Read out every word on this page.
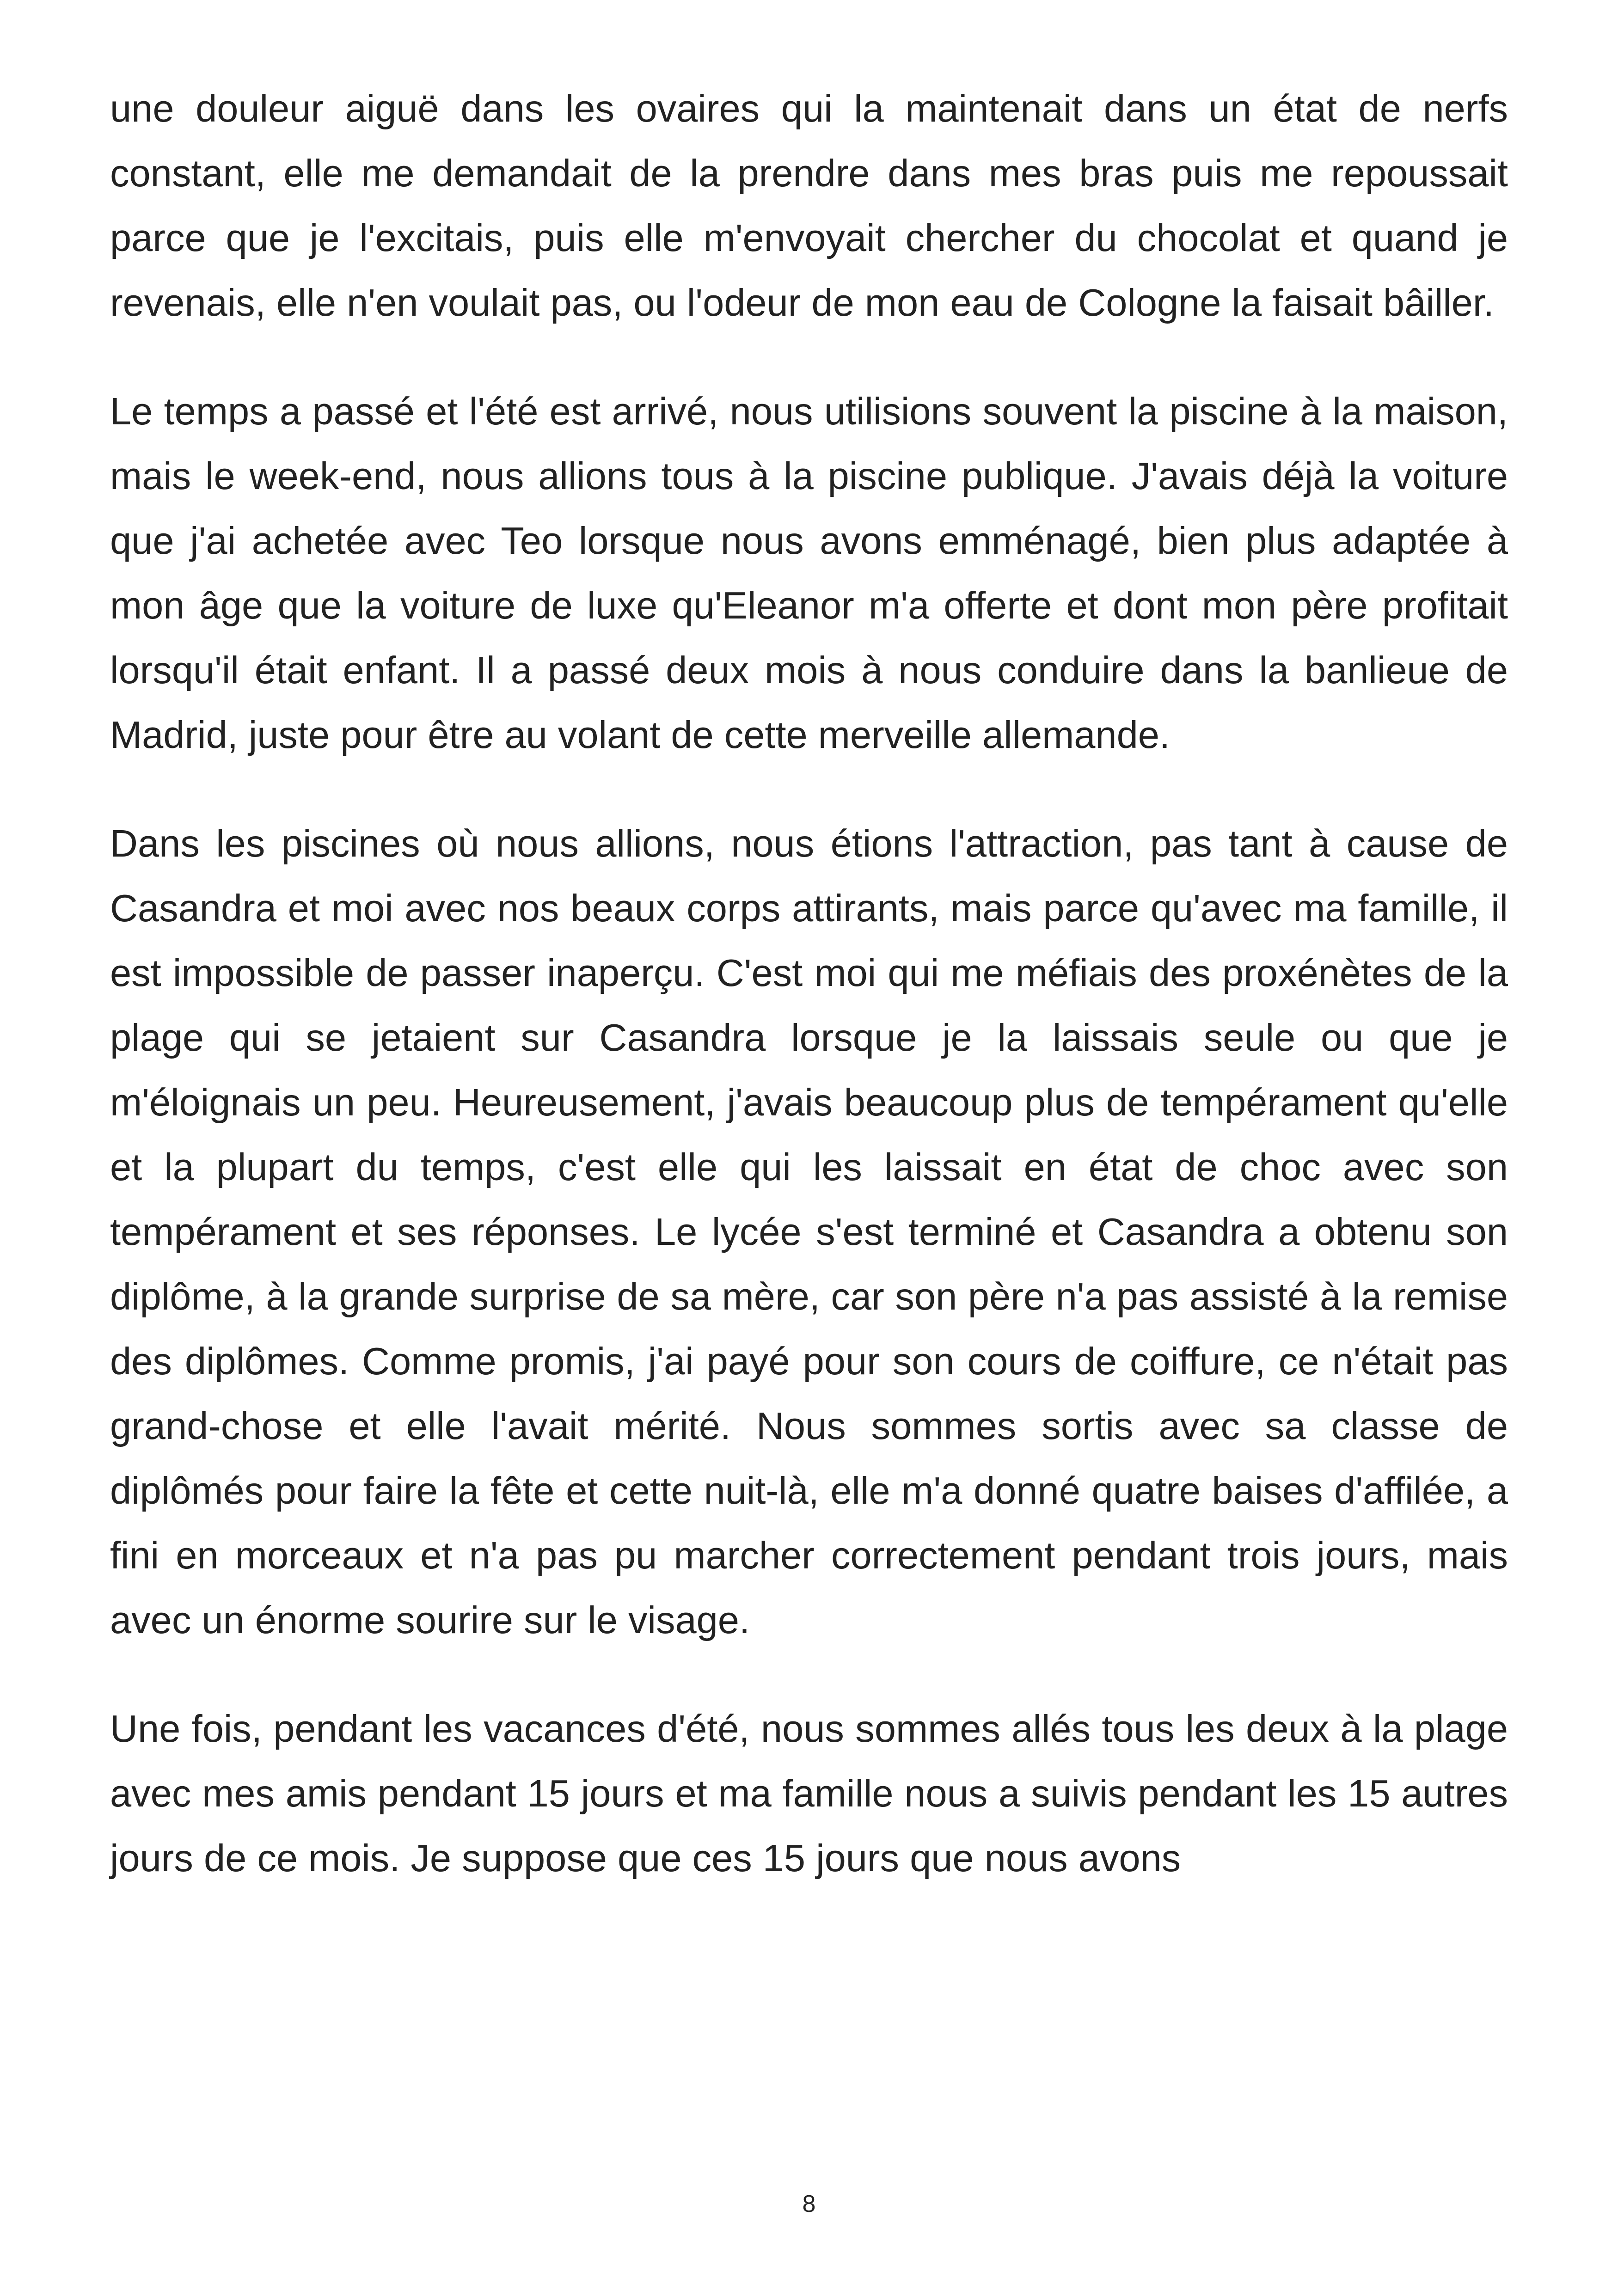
une douleur aiguë dans les ovaires qui la maintenait dans un état de nerfs constant, elle me demandait de la prendre dans mes bras puis me repoussait parce que je l'excitais, puis elle m'envoyait chercher du chocolat et quand je revenais, elle n'en voulait pas, ou l'odeur de mon eau de Cologne la faisait bâiller.

Le temps a passé et l'été est arrivé, nous utilisions souvent la piscine à la maison, mais le week-end, nous allions tous à la piscine publique. J'avais déjà la voiture que j'ai achetée avec Teo lorsque nous avons emménagé, bien plus adaptée à mon âge que la voiture de luxe qu'Eleanor m'a offerte et dont mon père profitait lorsqu'il était enfant. Il a passé deux mois à nous conduire dans la banlieue de Madrid, juste pour être au volant de cette merveille allemande.

Dans les piscines où nous allions, nous étions l'attraction, pas tant à cause de Casandra et moi avec nos beaux corps attirants, mais parce qu'avec ma famille, il est impossible de passer inaperçu. C'est moi qui me méfiais des proxénètes de la plage qui se jetaient sur Casandra lorsque je la laissais seule ou que je m'éloignais un peu. Heureusement, j'avais beaucoup plus de tempérament qu'elle et la plupart du temps, c'est elle qui les laissait en état de choc avec son tempérament et ses réponses. Le lycée s'est terminé et Casandra a obtenu son diplôme, à la grande surprise de sa mère, car son père n'a pas assisté à la remise des diplômes. Comme promis, j'ai payé pour son cours de coiffure, ce n'était pas grand-chose et elle l'avait mérité. Nous sommes sortis avec sa classe de diplômés pour faire la fête et cette nuit-là, elle m'a donné quatre baises d'affilée, a fini en morceaux et n'a pas pu marcher correctement pendant trois jours, mais avec un énorme sourire sur le visage.

Une fois, pendant les vacances d'été, nous sommes allés tous les deux à la plage avec mes amis pendant 15 jours et ma famille nous a suivis pendant les 15 autres jours de ce mois. Je suppose que ces 15 jours que nous avons

8
